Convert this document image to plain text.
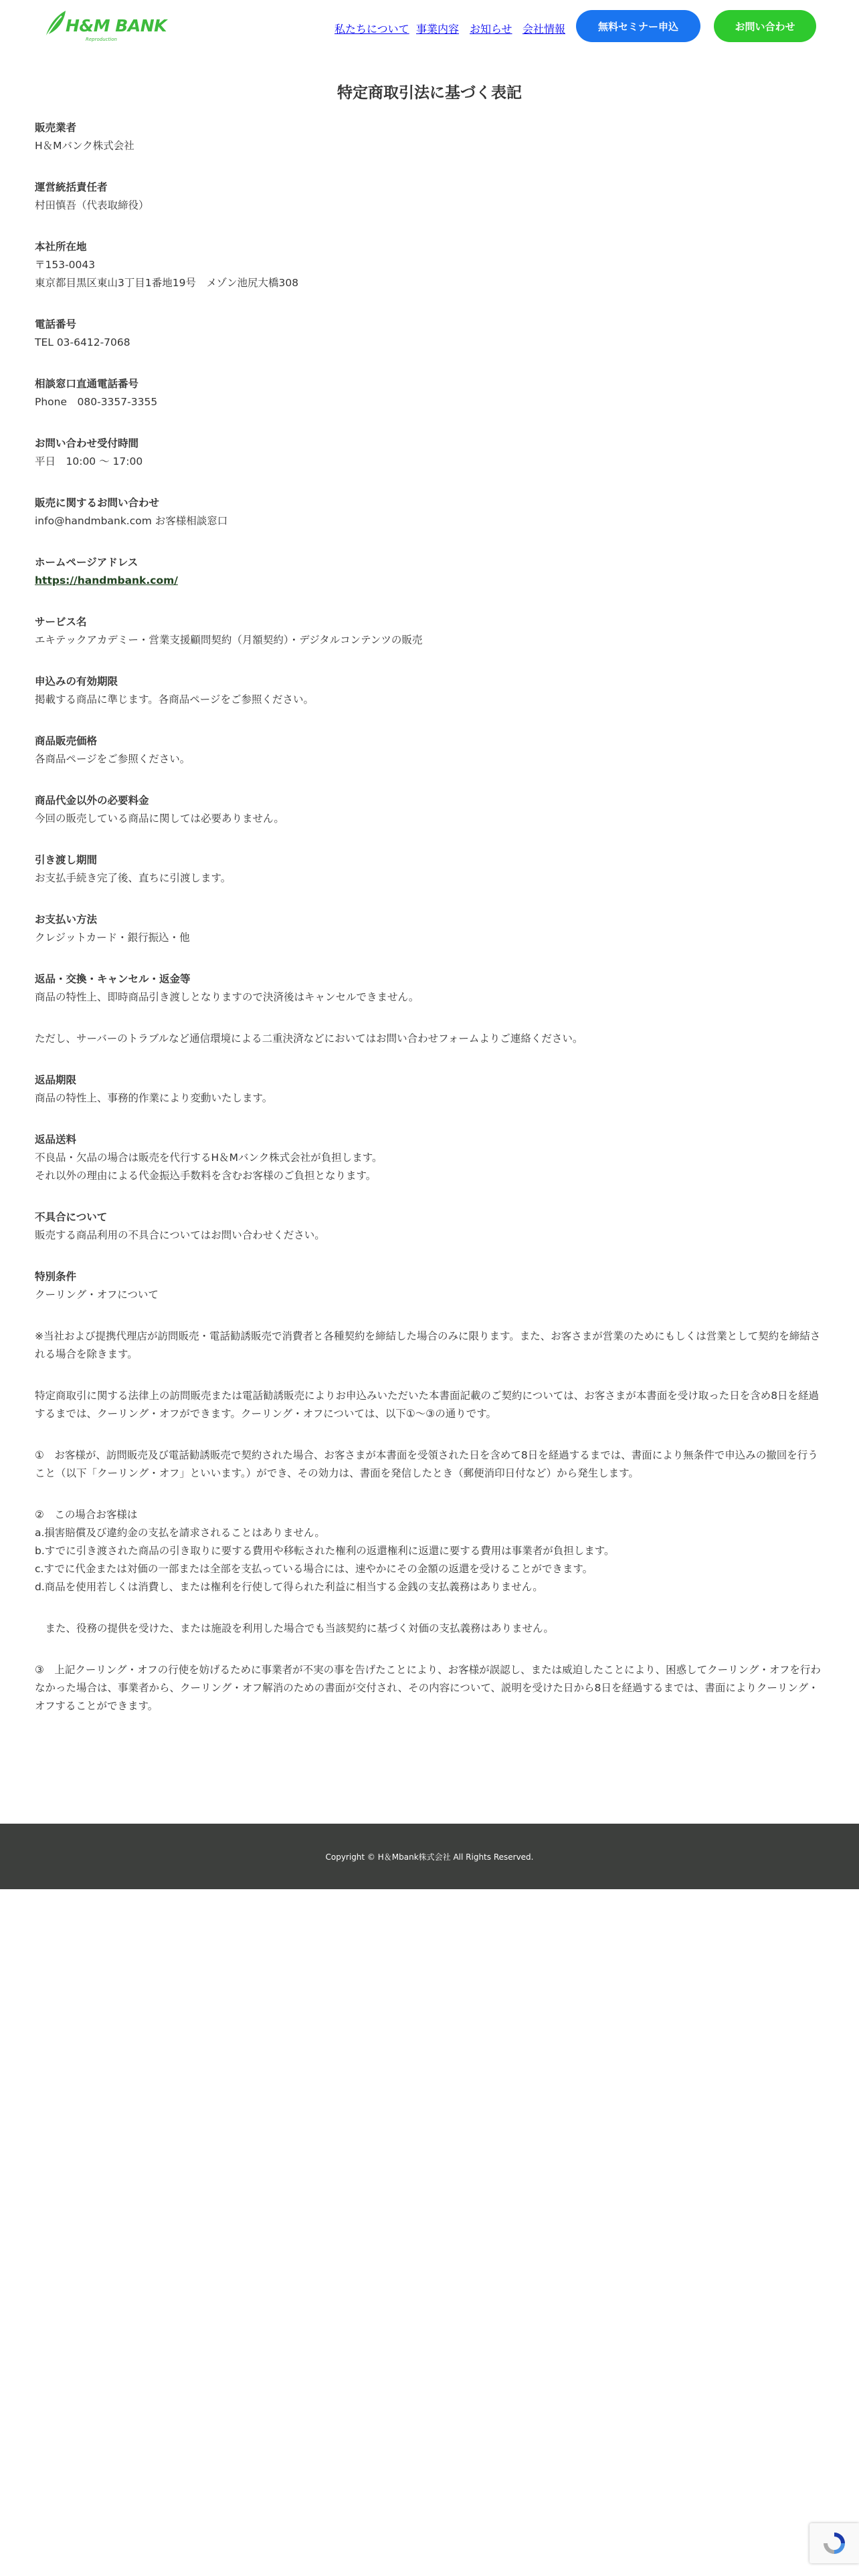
H&M BANK
Reproduction
私たちについて 事業内容 お知らせ 会社情報	無料セミナー申込	お問い合わせ
特定商取引法に基づく表記
販売業者
H＆Mバンク株式会社
運営統括責任者
村田慎吾（代表取締役）
本社所在地
〒153-0043
東京都目黒区東山3丁目1番地19号　メゾン池尻大橋308
電話番号
TEL 03-6412-7068
相談窓口直通電話番号
Phone　080-3357-3355
お問い合わせ受付時間
平日　10:00 〜 17:00
販売に関するお問い合わせ
info@handmbank.com お客様相談窓口
ホームページアドレス
https://handmbank.com/
サービス名
エキテックアカデミー・営業支援顧問契約（月額契約）・デジタルコンテンツの販売
申込みの有効期限
掲載する商品に準じます。各商品ページをご参照ください。
商品販売価格
各商品ページをご参照ください。
商品代金以外の必要料金
今回の販売している商品に関しては必要ありません。
引き渡し期間
お支払手続き完了後、直ちに引渡します。
お支払い方法
クレジットカード・銀行振込・他
返品・交換・キャンセル・返金等
商品の特性上、即時商品引き渡しとなりますので決済後はキャンセルできません。
ただし、サーバーのトラブルなど通信環境による二重決済などにおいてはお問い合わせフォームよりご連絡ください。
返品期限
商品の特性上、事務的作業により変動いたします。
返品送料
不良品・欠品の場合は販売を代行するH＆Mバンク株式会社が負担します。
それ以外の理由による代金振込手数料を含むお客様のご負担となります。
不具合について
販売する商品利用の不具合についてはお問い合わせください。
特別条件
クーリング・オフについて
※当社および提携代理店が訪問販売・電話勧誘販売で消費者と各種契約を締結した場合のみに限ります。また、お客さまが営業のためにもしくは営業として契約を締結される場合を除きます。
特定商取引に関する法律上の訪問販売または電話勧誘販売によりお申込みいただいた本書面記載のご契約については、お客さまが本書面を受け取った日を含め8日を経過するまでは、クーリング・オフができます。クーリング・オフについては、以下①〜③の通りです。
①　お客様が、訪問販売及び電話勧誘販売で契約された場合、お客さまが本書面を受領された日を含めて8日を経過するまでは、書面により無条件で申込みの撤回を行うこと（以下「クーリング・オフ」といいます。）ができ、その効力は、書面を発信したとき（郵便消印日付など）から発生します。
②　この場合お客様は
a.損害賠償及び違約金の支払を請求されることはありません。
b.すでに引き渡された商品の引き取りに要する費用や移転された権利の返還権利に返還に要する費用は事業者が負担します。
c.すでに代金または対価の一部または全部を支払っている場合には、速やかにその金額の返還を受けることができます。
d.商品を使用若しくは消費し、または権利を行使して得られた利益に相当する金銭の支払義務はありません。
　また、役務の提供を受けた、または施設を利用した場合でも当該契約に基づく対価の支払義務はありません。
③　上記クーリング・オフの行使を妨げるために事業者が不実の事を告げたことにより、お客様が誤認し、または威迫したことにより、困惑してクーリング・オフを行わなかった場合は、事業者から、クーリング・オフ解消のための書面が交付され、その内容について、説明を受けた日から8日を経過するまでは、書面によりクーリング・オフすることができます。
Copyright © H＆Mbank株式会社 All Rights Reserved.
